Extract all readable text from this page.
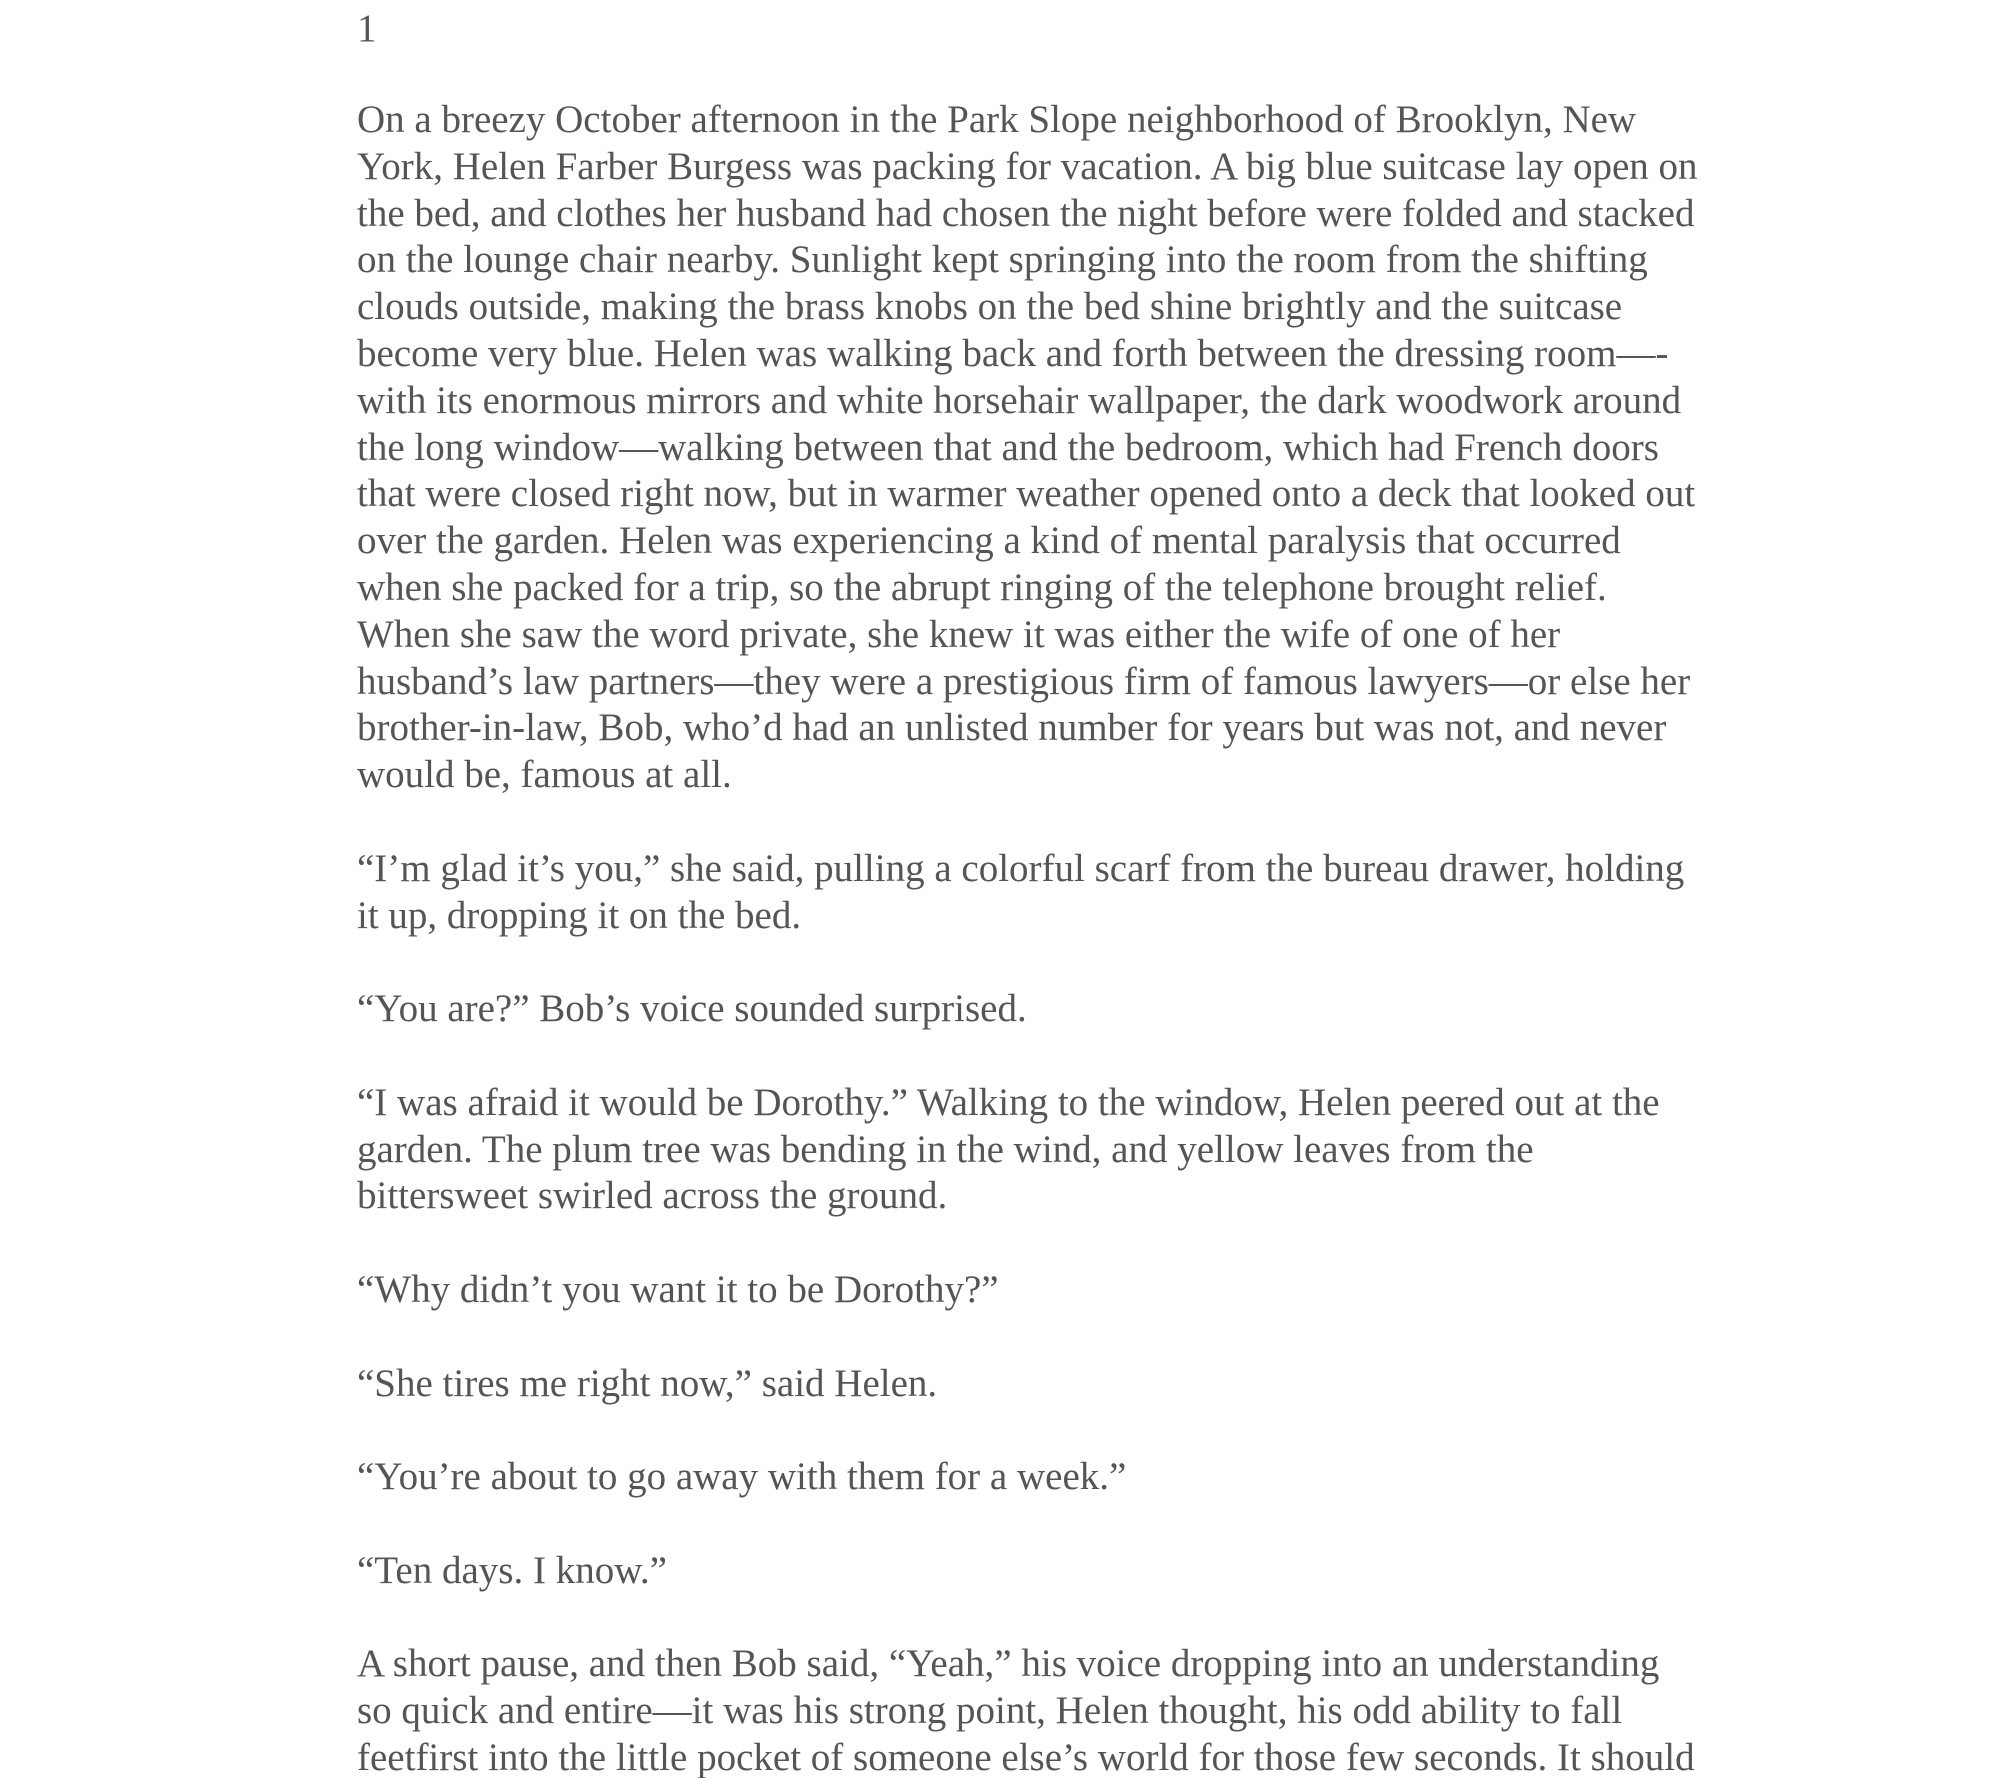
1
On a breezy October afternoon in the Park Slope neighborhood of Brooklyn, New
York, Helen Farber Burgess was packing for vacation. A big blue suitcase lay open on
the bed, and clothes her husband had chosen the night before were folded and stacked
on the lounge chair nearby. Sunlight kept springing into the room from the shifting
clouds outside, making the brass knobs on the bed shine brightly and the suitcase
become very blue. Helen was walking back and forth between the dressing room—-
with its enormous mirrors and white horsehair wallpaper, the dark woodwork around
the long window—walking between that and the bedroom, which had French doors
that were closed right now, but in warmer weather opened onto a deck that looked out
over the garden. Helen was experiencing a kind of mental paralysis that occurred
when she packed for a trip, so the abrupt ringing of the telephone brought relief.
When she saw the word private, she knew it was either the wife of one of her
husband’s law partners—they were a prestigious firm of famous lawyers—or else her
brother-in-law, Bob, who’d had an unlisted number for years but was not, and never
would be, famous at all.
“I’m glad it’s you,” she said, pulling a colorful scarf from the bureau drawer, holding
it up, dropping it on the bed.
“You are?” Bob’s voice sounded surprised.
“I was afraid it would be Dorothy.” Walking to the window, Helen peered out at the
garden. The plum tree was bending in the wind, and yellow leaves from the
bittersweet swirled across the ground.
“Why didn’t you want it to be Dorothy?”
“She tires me right now,” said Helen.
“You’re about to go away with them for a week.”
“Ten days. I know.”
A short pause, and then Bob said, “Yeah,” his voice dropping into an understanding
so quick and entire—it was his strong point, Helen thought, his odd ability to fall
feetfirst into the little pocket of someone else’s world for those few seconds. It should
